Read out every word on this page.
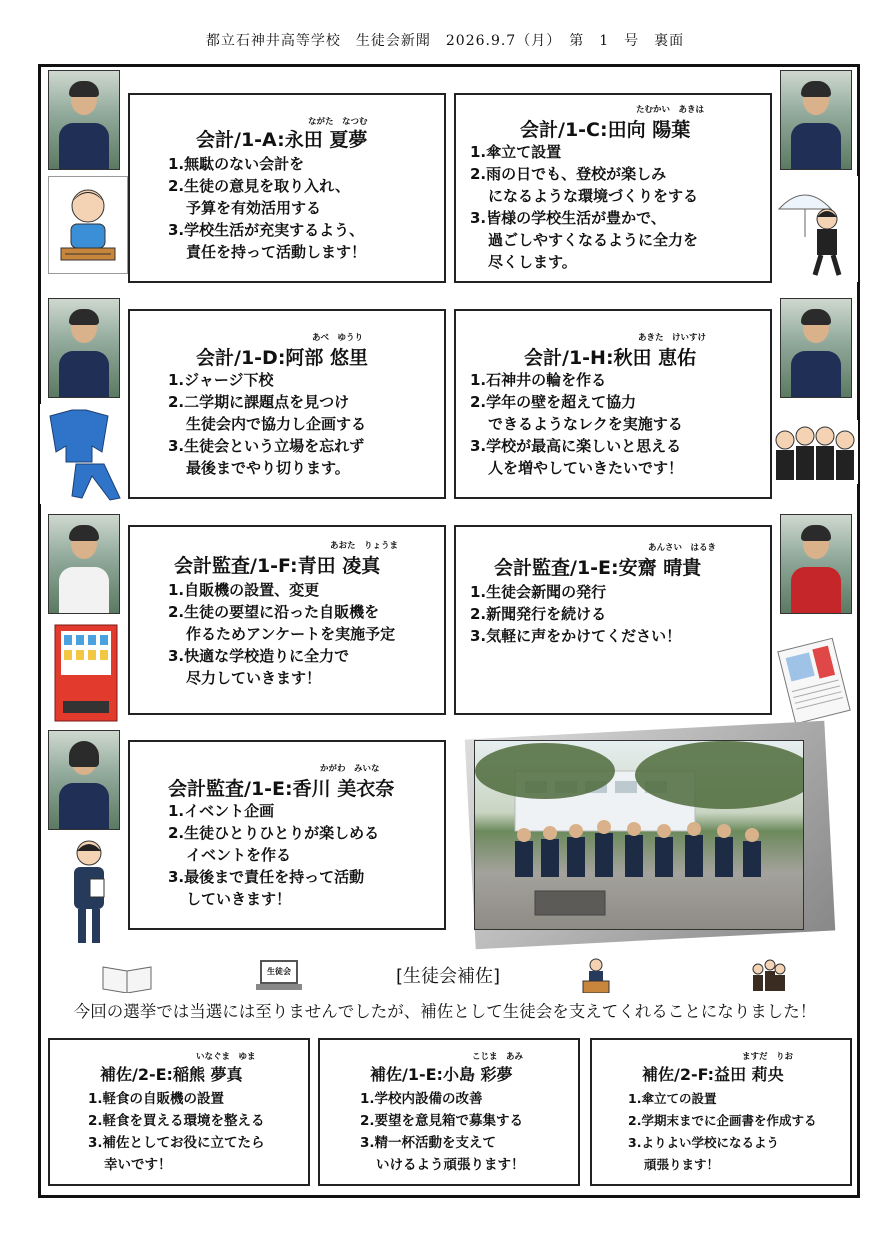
都立石神井高等学校　生徒会新聞　2026.9.7（月）　第　1　号　裏面
ながた　なつむ
会計/1-A:永田 夏夢
1.無駄のない会計を
2.生徒の意見を取り入れ、
予算を有効活用する
3.学校生活が充実するよう、
責任を持って活動します！
たむかい　あきは
会計/1-C:田向 陽葉
1.傘立て設置
2.雨の日でも、登校が楽しみ
になるような環境づくりをする
3.皆様の学校生活が豊かで、
過ごしやすくなるように全力を
尽くします。
あべ　ゆうり
会計/1-D:阿部 悠里
1.ジャージ下校
2.二学期に課題点を見つけ
生徒会内で協力し企画する
3.生徒会という立場を忘れず
最後までやり切ります。
あきた　けいすけ
会計/1-H:秋田 恵佑
1.石神井の輪を作る
2.学年の壁を超えて協力
できるようなレクを実施する
3.学校が最高に楽しいと思える
人を増やしていきたいです！
あおた　りょうま
会計監査/1-F:青田 凌真
1.自販機の設置、変更
2.生徒の要望に沿った自販機を
作るためアンケートを実施予定
3.快適な学校造りに全力で
尽力していきます！
あんさい　はるき
会計監査/1-E:安齋 晴貴
1.生徒会新聞の発行
2.新聞発行を続ける
3.気軽に声をかけてください！
かがわ　みいな
会計監査/1-E:香川 美衣奈
1.イベント企画
2.生徒ひとりひとりが楽しめる
イベントを作る
3.最後まで責任を持って活動
していきます！
生徒会	[生徒会補佐]
今回の選挙では当選には至りませんでしたが、補佐として生徒会を支えてくれることになりました！
いなぐま　ゆま
補佐/2-E:稲熊 夢真
1.軽食の自販機の設置
2.軽食を買える環境を整える
3.補佐としてお役に立てたら
幸いです！
こじま　あみ
補佐/1-E:小島 彩夢
1.学校内設備の改善
2.要望を意見箱で募集する
3.精一杯活動を支えて
いけるよう頑張ります！
ますだ　りお
補佐/2-F:益田 莉央
1.傘立ての設置
2.学期末までに企画書を作成する
3.よりよい学校になるよう
頑張ります！
